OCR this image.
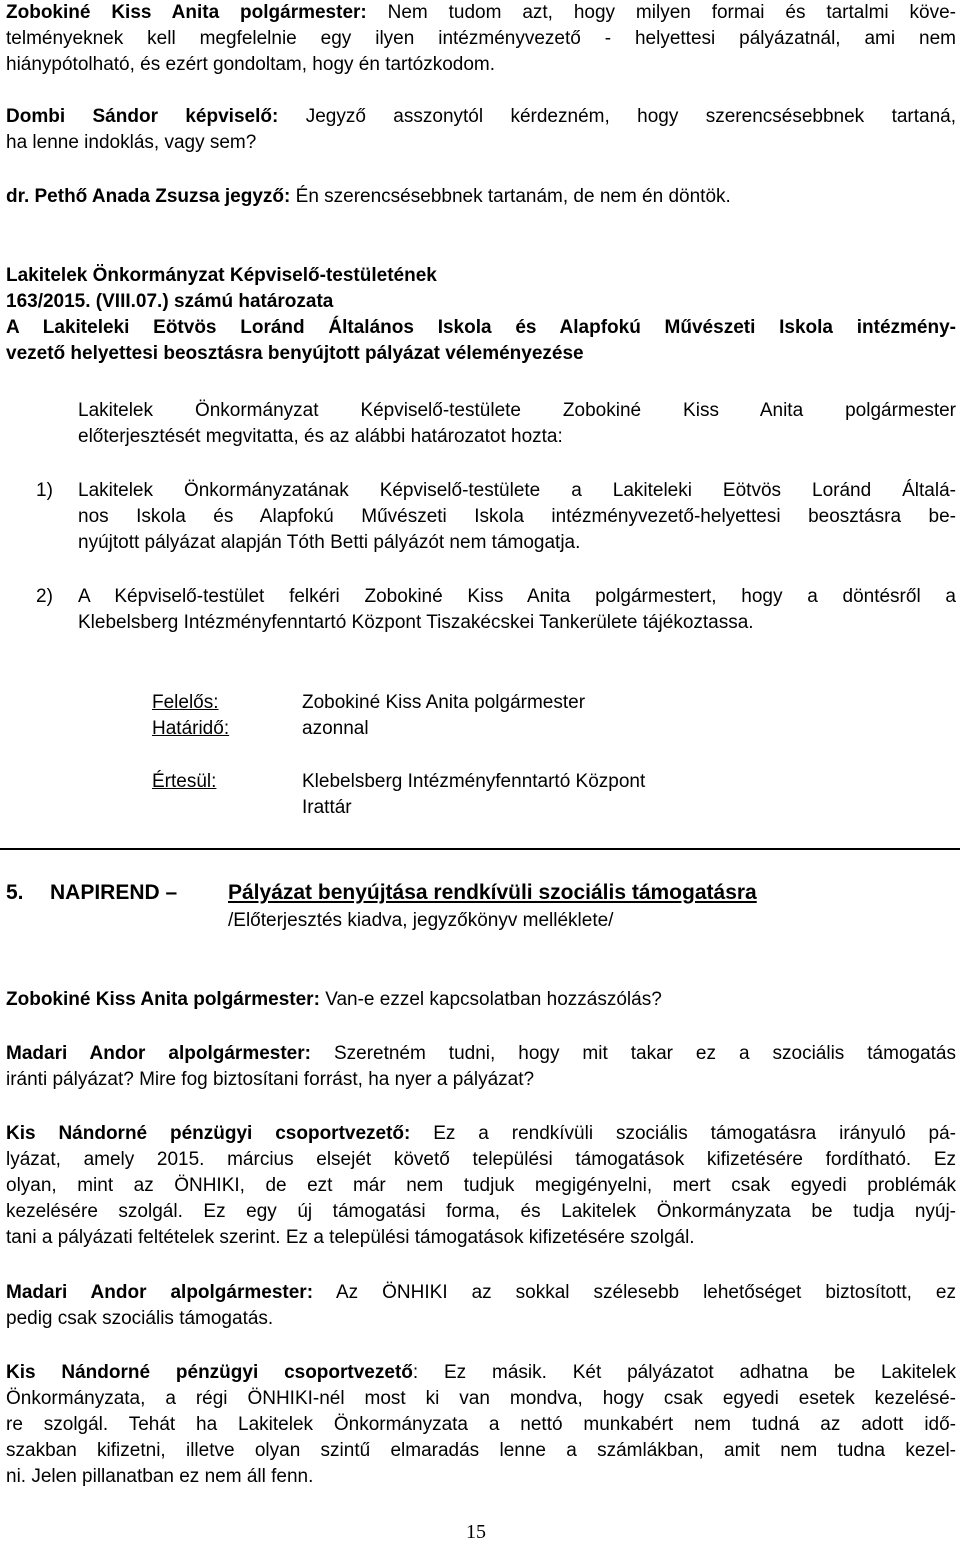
Zobokiné Kiss Anita polgármester: Nem tudom azt, hogy milyen formai és tartalmi köve-

telményeknek kell megfelelnie egy ilyen intézményvezető - helyettesi pályázatnál, ami nem

hiánypótolható, és ezért gondoltam, hogy én tartózkodom.

Dombi Sándor képviselő: Jegyző asszonytól kérdezném, hogy szerencsésebbnek tartaná,

ha lenne indoklás, vagy sem?

dr. Pethő Anada Zsuzsa jegyző: Én szerencsésebbnek tartanám, de nem én döntök.

Lakitelek Önkormányzat Képviselő-testületének

163/2015. (VIII.07.) számú határozata

A Lakiteleki Eötvös Loránd Általános Iskola és Alapfokú Művészeti Iskola intézmény-

vezető helyettesi beosztásra benyújtott pályázat véleményezése

Lakitelek Önkormányzat Képviselő-testülete Zobokiné Kiss Anita polgármester

előterjesztését megvitatta, és az alábbi határozatot hozta:

1) Lakitelek Önkormányzatának Képviselő-testülete a Lakiteleki Eötvös Loránd Általá-

nos Iskola és Alapfokú Művészeti Iskola intézményvezető-helyettesi beosztásra be-

nyújtott pályázat alapján Tóth Betti pályázót nem támogatja.

2) A Képviselő-testület felkéri Zobokiné Kiss Anita polgármestert, hogy a döntésről a

Klebelsberg Intézményfenntartó Központ Tiszakécskei Tankerülete tájékoztassa.

Felelős:	Zobokiné Kiss Anita polgármester
Határidő:	azonnal
Értesül:	Klebelsberg Intézményfenntartó Központ
Irattár
5. NAPIREND – Pályázat benyújtása rendkívüli szociális támogatásra
/Előterjesztés kiadva, jegyzőkönyv melléklete/

Zobokiné Kiss Anita polgármester: Van-e ezzel kapcsolatban hozzászólás?

Madari Andor alpolgármester: Szeretném tudni, hogy mit takar ez a szociális támogatás

iránti pályázat? Mire fog biztosítani forrást, ha nyer a pályázat?

Kis Nándorné pénzügyi csoportvezető: Ez a rendkívüli szociális támogatásra irányuló pá-

lyázat, amely 2015. március elsejét követő települési támogatások kifizetésére fordítható. Ez

olyan, mint az ÖNHIKI, de ezt már nem tudjuk megigényelni, mert csak egyedi problémák

kezelésére szolgál. Ez egy új támogatási forma, és Lakitelek Önkormányzata be tudja nyúj-

tani a pályázati feltételek szerint. Ez a települési támogatások kifizetésére szolgál.

Madari Andor alpolgármester: Az ÖNHIKI az sokkal szélesebb lehetőséget biztosított, ez

pedig csak szociális támogatás.

Kis Nándorné pénzügyi csoportvezető: Ez másik. Két pályázatot adhatna be Lakitelek

Önkormányzata, a régi ÖNHIKI-nél most ki van mondva, hogy csak egyedi esetek kezelésé-

re szolgál. Tehát ha Lakitelek Önkormányzata a nettó munkabért nem tudná az adott idő-

szakban kifizetni, illetve olyan szintű elmaradás lenne a számlákban, amit nem tudna kezel-

ni. Jelen pillanatban ez nem áll fenn.

15
